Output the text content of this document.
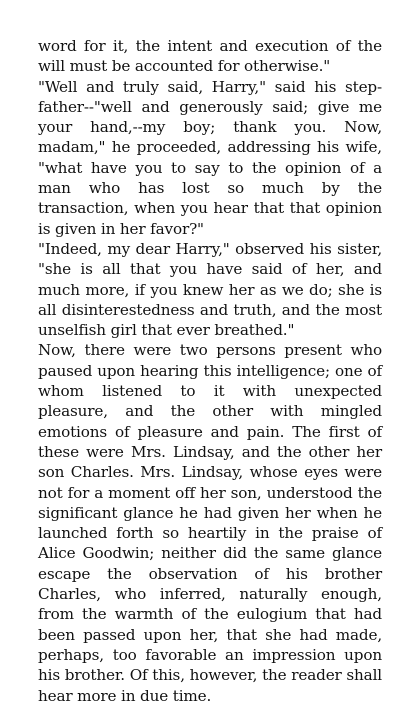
word for it, the intent and execution of the will must be accounted for otherwise."

"Well and truly said, Harry," said his step-father--"well and generously said; give me your hand,--my boy; thank you. Now, madam," he proceeded, addressing his wife, "what have you to say to the opinion of a man who has lost so much by the transaction, when you hear that that opinion is given in her favor?"

"Indeed, my dear Harry," observed his sister, "she is all that you have said of her, and much more, if you knew her as we do; she is all disinterestedness and truth, and the most unselfish girl that ever breathed."

Now, there were two persons present who paused upon hearing this intelligence; one of whom listened to it with unexpected pleasure, and the other with mingled emotions of pleasure and pain. The first of these were Mrs. Lindsay, and the other her son Charles. Mrs. Lindsay, whose eyes were not for a moment off her son, understood the significant glance he had given her when he launched forth so heartily in the praise of Alice Goodwin; neither did the same glance escape the observation of his brother Charles, who inferred, naturally enough, from the warmth of the eulogium that had been passed upon her, that she had made, perhaps, too favorable an impression upon his brother. Of this, however, the reader shall hear more in due time.
